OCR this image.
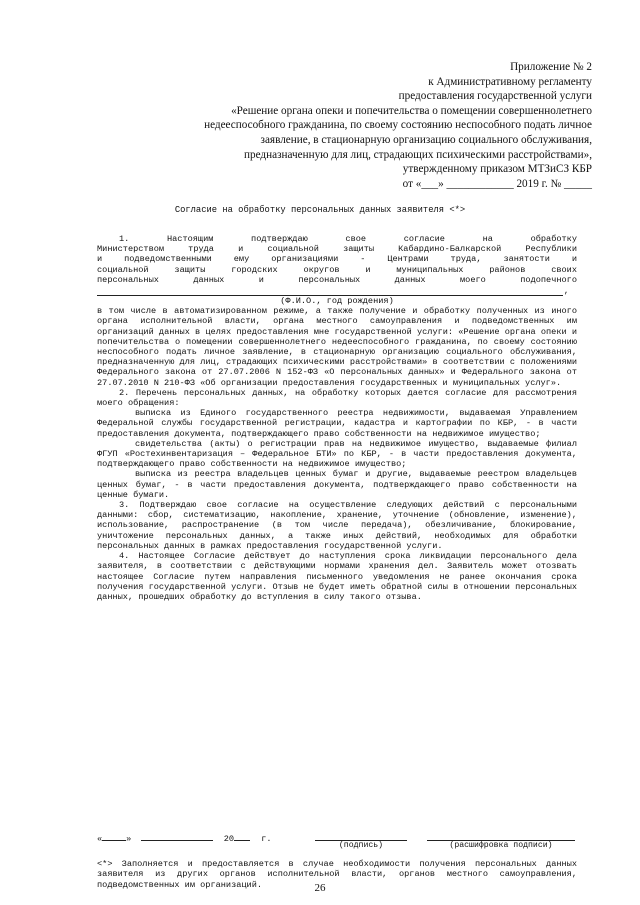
Приложение № 2
к Административному регламенту
предоставления государственной услуги
«Решение органа опеки и попечительства о помещении совершеннолетнего
недееспособного гражданина, по своему состоянию неспособного подать личное
заявление, в стационарную организацию социального обслуживания,
предназначенную для лиц, страдающих психическими расстройствами»,
утвержденному приказом МТЗиСЗ КБР
от «___» ____________ 2019 г. № _____
Согласие на обработку персональных данных заявителя <*>

1. Настоящим подтверждаю свое согласие на обработку

Министерством труда и социальной защиты Кабардино-Балкарской Республики

и подведомственными ему организациями - Центрами труда, занятости и

социальной защиты городских округов и муниципальных районов своих

персональных данных и персональных данных моего подопечного

,

(Ф.И.О., год рождения)

в том числе в автоматизированном режиме, а также получение и обработку полученных из иного органа исполнительной власти, органа местного самоуправления и подведомственных им организаций данных в целях предоставления мне государственной услуги: «Решение органа опеки и попечительства о помещении совершеннолетнего недееспособного гражданина, по своему состоянию неспособного подать личное заявление, в стационарную организацию социального обслуживания, предназначенную для лиц, страдающих психическими расстройствами» в соответствии с положениями Федерального закона от 27.07.2006 N 152-ФЗ «О персональных данных» и Федерального закона от 27.07.2010 N 210-ФЗ «Об организации предоставления государственных и муниципальных услуг».

2. Перечень персональных данных, на обработку которых дается согласие для рассмотрения моего обращения:

выписка из Единого государственного реестра недвижимости, выдаваемая Управлением Федеральной службы государственной регистрации, кадастра и картографии по КБР, - в части предоставления документа, подтверждающего право собственности на недвижимое имущество;

свидетельства (акты) о регистрации прав на недвижимое имущество, выдаваемые филиал ФГУП «Ростехинвентаризация – Федеральное БТИ» по КБР, - в части предоставления документа, подтверждающего право собственности на недвижимое имущество;

выписка из реестра владельцев ценных бумаг и другие, выдаваемые реестром владельцев ценных бумаг, - в части предоставления документа, подтверждающего право собственности на ценные бумаги.

3. Подтверждаю свое согласие на осуществление следующих действий с персональными данными: сбор, систематизацию, накопление, хранение, уточнение (обновление, изменение), использование, распространение (в том числе передача), обезличивание, блокирование, уничтожение персональных данных, а также иных действий, необходимых для обработки персональных данных в рамках предоставления государственной услуги.

4. Настоящее Согласие действует до наступления срока ликвидации персонального дела заявителя, в соответствии с действующими нормами хранения дел. Заявитель может отозвать настоящее Согласие путем направления письменного уведомления не ранее окончания срока получения государственной услуги. Отзыв не будет иметь обратной силы в отношении персональных данных, прошедших обработку до вступления в силу такого отзыва.

«	»	20	г.
(подпись)	(расшифровка подписи)
<*> Заполняется и предоставляется в случае необходимости получения персональных данных заявителя из других органов исполнительной власти, органов местного самоуправления, подведомственных им организаций.	26
